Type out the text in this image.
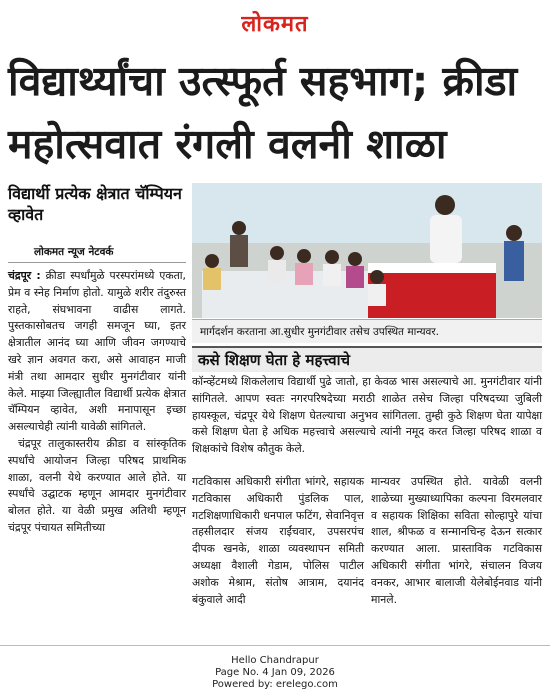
लोकमत
विद्यार्थ्यांचा उत्स्फूर्त सहभाग; क्रीडा महोत्सवात रंगली वलनी शाळा
विद्यार्थी प्रत्येक क्षेत्रात चॅम्पियन व्हावेत
लोकमत न्यूज नेटवर्क

चंद्रपूर : क्रीडा स्पर्धांमुळे परस्परांमध्ये एकता, प्रेम व स्नेह निर्माण होतो. यामुळे शरीर तंदुरुस्त राहते, संघभावना वाढीस लागते. पुस्तकासोबतच जगही समजून घ्या, इतर क्षेत्रातील आनंद घ्या आणि जीवन जगण्याचे खरे ज्ञान अवगत करा, असे आवाहन माजी मंत्री तथा आमदार सुधीर मुनगंटीवार यांनी केले. माझ्या जिल्ह्यातील विद्यार्थी प्रत्येक क्षेत्रात चॅम्पियन व्हावेत, अशी मनापासून इच्छा असल्याचेही त्यांनी यावेळी सांगितले.

चंद्रपूर तालुकास्तरीय क्रीडा व सांस्कृतिक स्पर्धांचे आयोजन जिल्हा परिषद प्राथमिक शाळा, वलनी येथे करण्यात आले होते. या स्पर्धांचे उद्घाटक म्हणून आमदार मुनगंटीवार बोलत होते. या वेळी प्रमुख अतिथी म्हणून चंद्रपूर पंचायत समितीच्या

मार्गदर्शन करताना आ.सुधीर मुनगंटीवार तसेच उपस्थित मान्यवर.
कसे शिक्षण घेता हे महत्त्वाचे

कॉन्व्हेंटमध्ये शिकलेलाच विद्यार्थी पुढे जातो, हा केवळ भास असल्याचे आ. मुनगंटीवार यांनी सांगितले. आपण स्वतः नगरपरिषदेच्या मराठी शाळेत तसेच जिल्हा परिषदच्या जुबिली हायस्कूल, चंद्रपूर येथे शिक्षण घेतल्याचा अनुभव सांगितला. तुम्ही कुठे शिक्षण घेता यापेक्षा कसे शिक्षण घेता हे अधिक महत्त्वाचे असल्याचे त्यांनी नमूद करत जिल्हा परिषद शाळा व शिक्षकांचे विशेष कौतुक केले.

गटविकास अधिकारी संगीता भांगरे, सहायक गटविकास अधिकारी पुंडलिक पाल, गटशिक्षणाधिकारी धनपाल फटिंग, सेवानिवृत्त तहसीलदार संजय राईंचवार, उपसरपंच दीपक खनके, शाळा व्यवस्थापन समिती अध्यक्षा वैशाली गेडाम, पोलिस पाटील अशोक मेश्राम, संतोष आत्राम, दयानंद बंकुवाले आदी

मान्यवर उपस्थित होते. यावेळी वलनी शाळेच्या मुख्याध्यापिका कल्पना विरमलवार व सहायक शिक्षिका सविता सोल्हापुरे यांचा शाल, श्रीफळ व सन्मानचिन्ह देऊन सत्कार करण्यात आला. प्रास्ताविक गटविकास अधिकारी संगीता भांगरे, संचालन विजय वनकर, आभार बालाजी येलेबोईनवाड यांनी मानले.

Hello Chandrapur
Page No. 4 Jan 09, 2026
Powered by: erelego.com
